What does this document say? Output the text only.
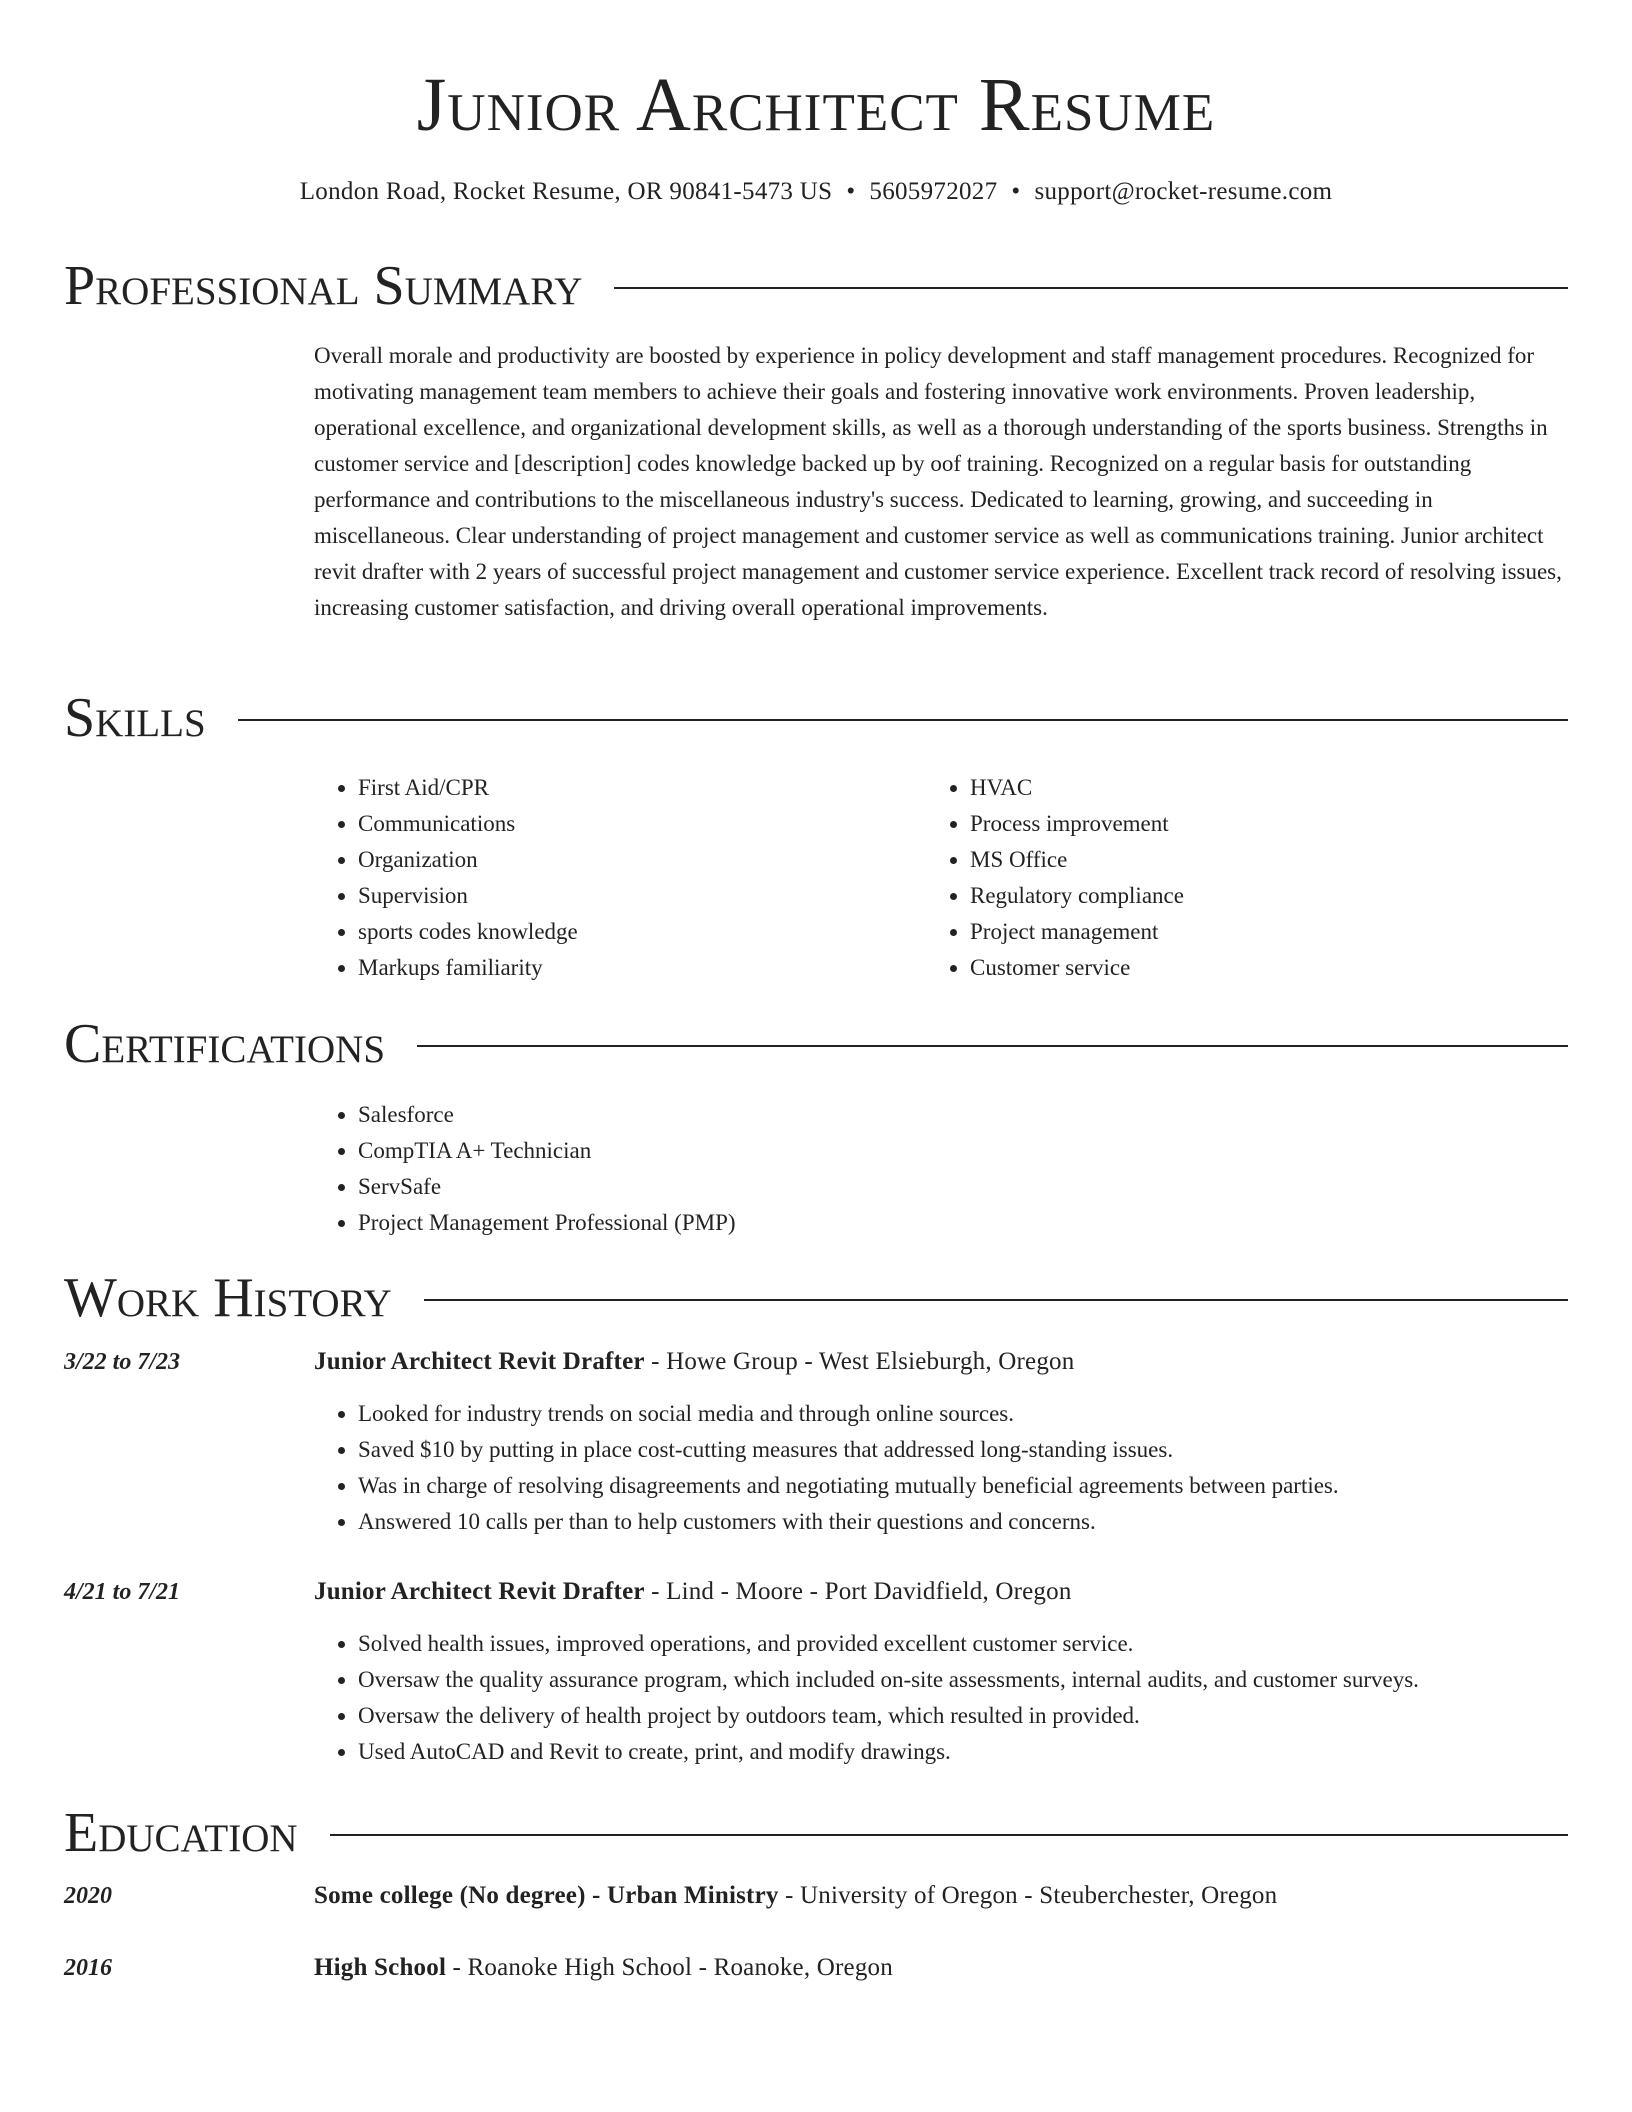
Junior Architect Resume
London Road, Rocket Resume, OR 90841-5473 US • 5605972027 • support@rocket-resume.com
Professional Summary

Overall morale and productivity are boosted by experience in policy development and staff management procedures. Recognized for motivating management team members to achieve their goals and fostering innovative work environments. Proven leadership, operational excellence, and organizational development skills, as well as a thorough understanding of the sports business. Strengths in customer service and [description] codes knowledge backed up by oof training. Recognized on a regular basis for outstanding performance and contributions to the miscellaneous industry's success. Dedicated to learning, growing, and succeeding in miscellaneous. Clear understanding of project management and customer service as well as communications training. Junior architect revit drafter with 2 years of successful project management and customer service experience. Excellent track record of resolving issues, increasing customer satisfaction, and driving overall operational improvements.

Skills
• First Aid/CPR
• Communications
• Organization
• Supervision
• sports codes knowledge
• Markups familiarity
• HVAC
• Process improvement
• MS Office
• Regulatory compliance
• Project management
• Customer service
Certifications
• Salesforce
• CompTIA A+ Technician
• ServSafe
• Project Management Professional (PMP)
Work History
3/22 to 7/23	Junior Architect Revit Drafter - Howe Group - West Elsieburgh, Oregon
• Looked for industry trends on social media and through online sources.
• Saved $10 by putting in place cost-cutting measures that addressed long-standing issues.
• Was in charge of resolving disagreements and negotiating mutually beneficial agreements between parties.
• Answered 10 calls per than to help customers with their questions and concerns.
4/21 to 7/21	Junior Architect Revit Drafter - Lind - Moore - Port Davidfield, Oregon
• Solved health issues, improved operations, and provided excellent customer service.
• Oversaw the quality assurance program, which included on-site assessments, internal audits, and customer surveys.
• Oversaw the delivery of health project by outdoors team, which resulted in provided.
• Used AutoCAD and Revit to create, print, and modify drawings.
Education
2020	Some college (No degree) - Urban Ministry - University of Oregon - Steuberchester, Oregon
2016	High School - Roanoke High School - Roanoke, Oregon
